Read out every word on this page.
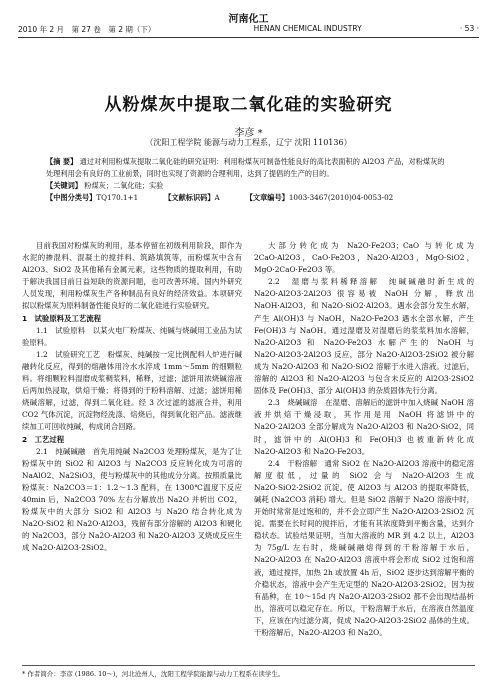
河南化工
2010 年 2 月　第 27 卷　第 2 期（下）	HENAN CHEMICAL INDUSTRY	· 53 ·
从粉煤灰中提取二氧化硅的实验研究
李彦 *
（沈阳工程学院 能源与动力工程系，辽宁 沈阳 110136）
【摘 要】 通过对利用粉煤灰提取二氧化硅的研究证明：利用粉煤灰可制备性能良好的高比表面积的 Al2O3 产品，对粉煤灰的处理利用会有良好的工业前景，同时也实现了资源的合理利用，达到了提倡的生产的目的。
【关键词】 粉煤灰；二氧化硅；实验
【中图分类号】TQ170.1+1	【文献标识码】A	【文章编号】1003-3467(2010)04-0053-02

目前我国对粉煤灰的利用，基本停留在初级利用阶段，即作为水泥的掺混料、混凝土的搅拌料、筑路填筑等，而粉煤灰中含有 Al2O3、SiO2 及其他稀有金属元素，这些物质的提取利用，有助于解决我国目前日益短缺的资源问题，也可改善环境。国内外研究人员发现，利用粉煤灰生产各种制品有良好的经济效益。本项研究拟以粉煤灰为原料制备性能良好的二氧化硅进行实验研究。

1　试验原料及工艺流程

1.1　试验原料　以某火电厂粉煤灰、纯碱与烧碱用工业品为试验原料。

1.2　试验研究工艺　粉煤灰、纯碱按一定比例配料人炉进行碱融转化反应，得到的熔融体用冷水水淬成 1mm～5mm 的细颗粒料。将细颗粒料湿磨成浆稠浆料，稀释，过滤；滤饼用浓烧碱溶液后两加热浸取，烘焙干燥；将得到的干粉料溶解、过滤；滤饼用稀烧碱溶解，过滤，得到二氧化硅。经 3 次过滤的滤液合并，利用 CO2 气体沉淀，沉淀物经洗涤、焙烧后，得到氧化铝产品。滤液继续加工可回收纯碱，构成闭合回路。

2　工艺过程

2.1　纯碱碱融　首先用纯碱 Na2CO3 处理粉煤灰，是为了让粉煤灰中的 SiO2 和 Al2O3 与 Na2CO3 反应转化成为可溶的 NaAlO2、Na2SiO3，使与粉煤灰中的其他成分分离。按照质量比粉煤灰：Na2CO3＝1：1.2～1.3 配料，在 1300℃温度下反应 40min 后，Na2CO3 70% 左右分解放出 Na2O 并析出 CO2，粉煤灰中的大部分 SiO2 和 Al2O3 与 Na2O 结合转化成为 Na2O·SiO2 和 Na2O·Al2O3，残留有部分溶解的 Al2O3 和硬化的 Na2CO3，部分 Na2O·Al2O3 和 Na2O·Al2O3 叉烧成反应生成 Na2O·Al2O3·2SiO2。

大部分转化成为 Na2O·Fe2O3；CaO 与转化成为 2CaO·Al2O3，CaO·Fe2O3，Na2O·Al2O3，MgO·SiO2，MgO·2CaO·Fe2O3 等。

2.2　湿磨与浆料稀释溶解　纯碱碱融时新生成的 Na2O·Al2O3·2Al2O3 很容易被 NaOH 分解，释放出 NaOH·Al2O3，和 Na2O·SiO2·Al2O3。遇水会部分发生水解，产生 Al(OH)3 与 NaOH，Na2O·Fe2O3 遇水全部水解，产生 Fe(OH)3 与 NaOH。通过湿磨及对湿磨后的浆浆料加水溶解，Na2O·Al2O3 和 Na2O·Fe2O3 水解产生的 NaOH 与 Na2O·Al2O3·2Al2O3 反应，部分 Na2O·Al2O3·2SiO2 被分解成为 Na2O·Al2O3 和 Na2O·SiO2 溶解于水进入溶液。过滤后，溶解的 Al2O3 和 Na2O·Al2O3 与包含未反应的 Al2O3·2SiO2 固体及 Fe(OH)3、部分 Al(OH)3 的杂质固体先行分离。

2.3　烧碱碱溶　在湿磨、溶解后的滤饼中加入烧碱 NaOH 溶液并烘焙干燥浸取，其作用是用 NaOH 将滤饼中的 Na2O·2Al2O3 全部分解成为 Na2O·Al2O3 和 Na2O·SiO2，同时，滤饼中的 Al(OH)3 和 Fe(OH)3 也被重新转化成 Na2O·Al2O3 和 Na2O·Fe2O3。

2.4　干粉溶解　通常 SiO2 在 Na2O·Al2O3 溶液中的稳定溶解度很低，过量的 SiO2 会与 Na2O·Al2O3 生成 Na2O·SiO2·2SiO2 沉淀。使 Al2O3 与 Al2O3 的提取率降低，碱耗 (Na2CO3 消耗) 增大。但是 SiO2 溶解于 Na2O 溶液中时，开始时常常是过饱和的，并不会立即产生 Na2O·Al2O3·2SiO2 沉淀。需要在长时间的搅拌后，才能有其浓度降到平衡含量，达到介稳状态。试验结果证明，当加大溶液的 MR 到 4.2 以上，Al2O3 为 75g/L 左右时，烧碱碱融熔得到的干粉溶解于水后，Na2O·Al2O3 在 Na2O·Al2O3 溶液中将会形成 SiO2 过饱和溶液，通过搅拌，加热 2h 或放置 4h 后，SiO2 逐步达到溶解平衡的介稳状态，溶液中会产生无定型的 Na2O·Al2O3·2SiO2。因为按有晶种，在 10～15d 内 Na2O·Al2O3·2SiO2 都不会出现结晶析出，溶液可以稳定存在。所以，干粉溶解于水后，在溶液自然温度下，应该在内过滤分离，促成 Na2O·Al2O3·2SiO2 晶体的生成。干粉溶解后，Na2O·Al2O3 和 Na2O。

* 作者简介：李彦 (1986. 10～)，河北沧州人，沈阳工程学院能源与动力工程系在读学生。
